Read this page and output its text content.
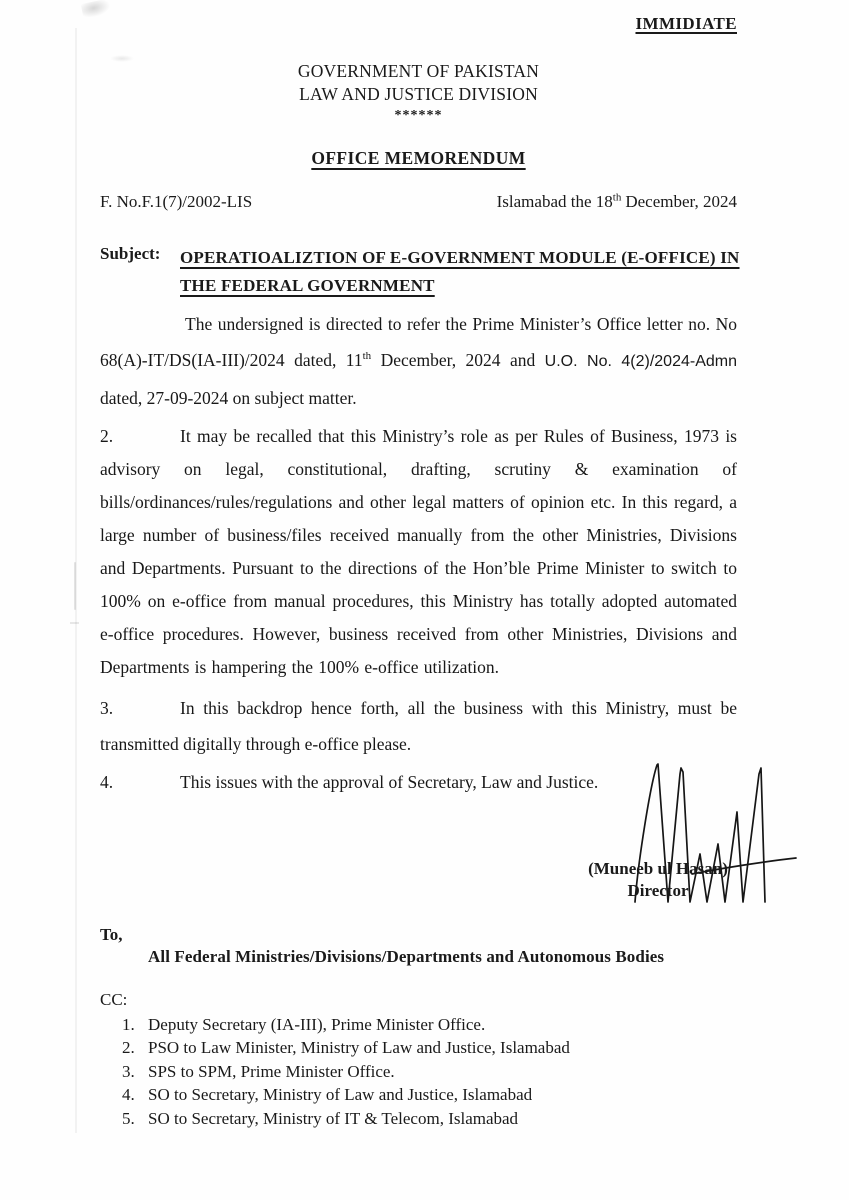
IMMIDIATE
GOVERNMENT OF PAKISTAN
LAW AND JUSTICE DIVISION
******
OFFICE MEMORENDUM
F. No.F.1(7)/2002-LIS	Islamabad the 18th December, 2024
Subject:	OPERATIOALIZTION OF E-GOVERNMENT MODULE (E-OFFICE) IN
THE FEDERAL GOVERNMENT

The undersigned is directed to refer the Prime Minister’s Office letter no. No 68(A)-IT/DS(IA-III)/2024 dated, 11th December, 2024 and U.O. No. 4(2)/2024-Admn dated, 27-09-2024 on subject matter.

2.	It may be recalled that this Ministry’s role as per Rules of Business, 1973 is advisory on legal, constitutional, drafting, scrutiny & examination of bills/ordinances/rules/regulations and other legal matters of opinion etc. In this regard, a large number of business/files received manually from the other Ministries, Divisions and Departments. Pursuant to the directions of the Hon’ble Prime Minister to switch to 100% on e-office from manual procedures, this Ministry has totally adopted automated e-office procedures. However, business received from other Ministries, Divisions and Departments is hampering the 100% e-office utilization.

3.	In this backdrop hence forth, all the business with this Ministry, must be transmitted digitally through e-office please.

4.	This issues with the approval of Secretary, Law and Justice.

(Muneeb ul Hasan)
Director
To,
All Federal Ministries/Divisions/Departments and Autonomous Bodies
CC:
1. Deputy Secretary (IA-III), Prime Minister Office.
2. PSO to Law Minister, Ministry of Law and Justice, Islamabad
3. SPS to SPM, Prime Minister Office.
4. SO to Secretary, Ministry of Law and Justice, Islamabad
5. SO to Secretary, Ministry of IT & Telecom, Islamabad
